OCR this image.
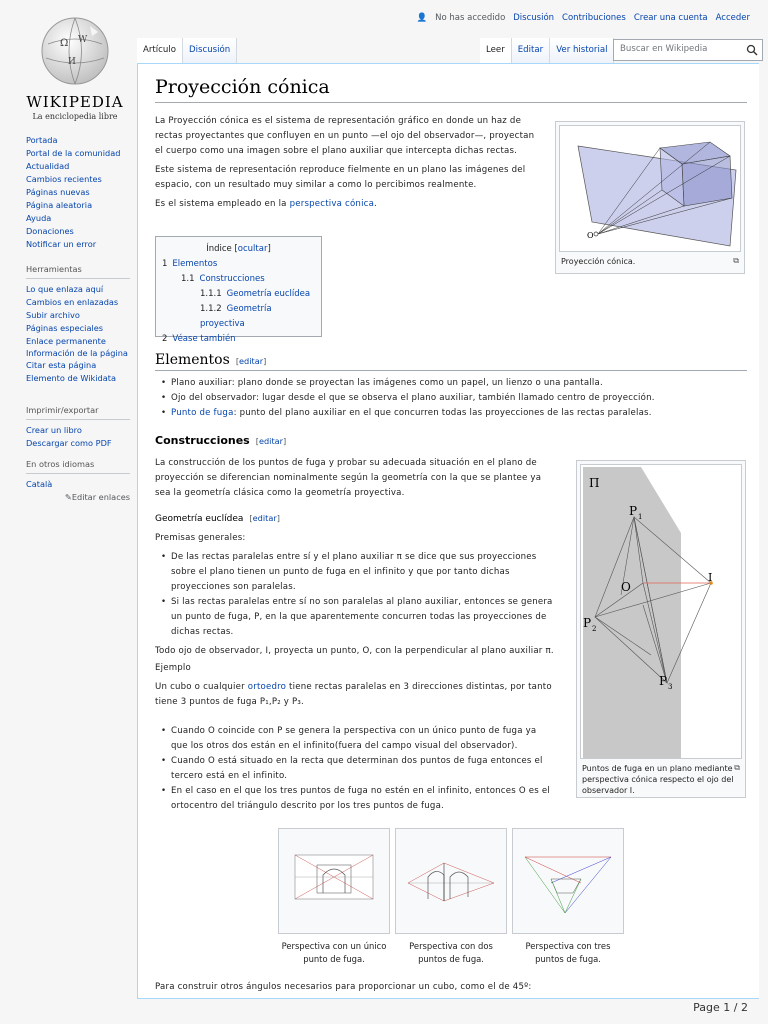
Ω W
И
WIKIPEDIA
La enciclopedia libre
Portada
Portal de la comunidad
Actualidad
Cambios recientes
Páginas nuevas
Página aleatoria
Ayuda
Donaciones
Notificar un error
Herramientas
Lo que enlaza aquí
Cambios en enlazadas
Subir archivo
Páginas especiales
Enlace permanente
Información de la página
Citar esta página
Elemento de Wikidata
Imprimir/exportar
Crear un libro
Descargar como PDF
En otros idiomas
Català
✎Editar enlaces
👤 No has accedido Discusión Contribuciones Crear una cuenta Acceder
Artículo	Discusión	Leer	Editar	Ver historial	Buscar en Wikipedia
Proyección cónica

La Proyección cónica es el sistema de representación gráfico en donde un haz de rectas proyectantes que confluyen en un punto —el ojo del observador—, proyectan el cuerpo como una imagen sobre el plano auxiliar que intercepta dichas rectas.

Este sistema de representación reproduce fielmente en un plano las imágenes del espacio, con un resultado muy similar a como lo percibimos realmente.

Es el sistema empleado en la perspectiva cónica.

O
Proyección cónica.	⧉
Índice [ocultar]
1 Elementos
1.1 Construcciones
1.1.1 Geometría euclídea
1.1.2 Geometría proyectiva
2 Véase también
Elementos [editar]
• Plano auxiliar: plano donde se proyectan las imágenes como un papel, un lienzo o una pantalla.
• Ojo del observador: lugar desde el que se observa el plano auxiliar, también llamado centro de proyección.
• Punto de fuga: punto del plano auxiliar en el que concurren todas las proyecciones de las rectas paralelas.
Construcciones [editar]

La construcción de los puntos de fuga y probar su adecuada situación en el plano de proyección se diferencian nominalmente según la geometría con la que se plantee ya sea la geometría clásica como la geometría proyectiva.

Geometría euclídea [editar]

Premisas generales:

• De las rectas paralelas entre sí y el plano auxiliar π se dice que sus proyecciones sobre el plano tienen un punto de fuga en el infinito y que por tanto dichas proyecciones son paralelas.
• Si las rectas paralelas entre sí no son paralelas al plano auxiliar, entonces se genera un punto de fuga, P, en la que aparentemente concurren todas las proyecciones de dichas rectas.

Todo ojo de observador, I, proyecta un punto, O, con la perpendicular al plano auxiliar π.

Ejemplo

Un cubo o cualquier ortoedro tiene rectas paralelas en 3 direcciones distintas, por tanto tiene 3 puntos de fuga P₁,P₂ y P₃.

• Cuando O coincide con P se genera la perspectiva con un único punto de fuga ya que los otros dos están en el infinito(fuera del campo visual del observador).
• Cuando O está situado en la recta que determinan dos puntos de fuga entonces el tercero está en el infinito.
• En el caso en el que los tres puntos de fuga no estén en el infinito, entonces O es el ortocentro del triángulo descrito por los tres puntos de fuga.
Π
P 1
P 2
P 3
O
I
Puntos de fuga en un plano mediante perspectiva cónica respecto el ojo del observador I.
⧉
Perspectiva con un único punto de fuga.
Perspectiva con dos puntos de fuga.
Perspectiva con tres puntos de fuga.

Para construir otros ángulos necesarios para proporcionar un cubo, como el de 45º:

Page 1 / 2
